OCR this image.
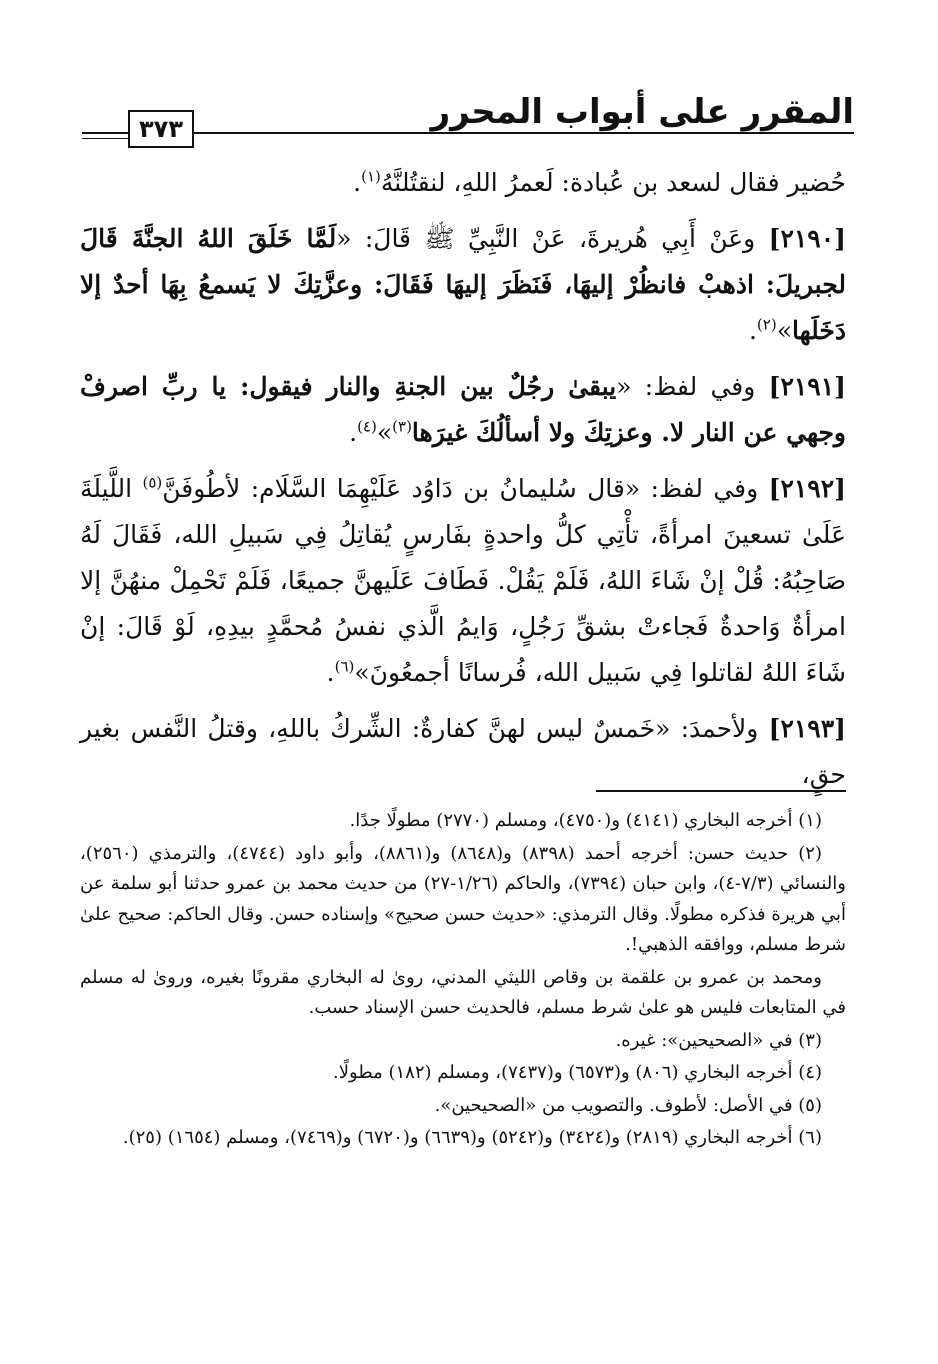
المقرر على أبواب المحرر
٣٧٣

حُضير فقال لسعد بن عُبادة: لَعمرُ اللهِ، لنقتُلنَّهُ$^{(١)}$.

[٢١٩٠] وعَنْ أَبِي هُريرةَ، عَنْ النَّبِيِّ ﷺ قَالَ: «لَمَّا خَلَقَ اللهُ الجنَّةَ قَالَ لجبريلَ: اذهبْ فانظُرْ إليهَا، فَنَظَرَ إليهَا فَقَالَ: وعزَّتِكَ لا يَسمعُ بِهَا أحدٌ إلا دَخَلَها»$^{(٢)}$.

[٢١٩١] وفي لفظ: «يبقىٰ رجُلٌ بين الجنةِ والنار فيقول: يا ربِّ اصرفْ وجهي عن النار لا. وعزتِكَ ولا أسألُكَ غيرَها$^{(٣)}$»$^{(٤)}$.

[٢١٩٢] وفي لفظ: «قال سُليمانُ بن دَاوُد عَلَيْهِمَا السَّلَام: لأطُوفَنَّ$^{(٥)}$ اللَّيلَةَ عَلَىٰ تسعينَ امرأةً، تأْتِي كلُّ واحدةٍ بفَارسٍ يُقاتِلُ فِي سَبيلِ الله، فَقَالَ لَهُ صَاحِبُهُ: قُلْ إنْ شَاءَ اللهُ، فَلَمْ يَقُلْ. فَطَافَ عَلَيهنَّ جميعًا، فَلَمْ تَحْمِلْ منهُنَّ إلا امرأةٌ وَاحدةٌ فَجاءتْ بشقِّ رَجُلٍ، وَايمُ الَّذي نفسُ مُحمَّدٍ بيدِهِ، لَوْ قَالَ: إنْ شَاءَ اللهُ لقاتلوا فِي سَبيل الله، فُرسانًا أجمعُونَ»$^{(٦)}$.

[٢١٩٣] ولأحمدَ: «خَمسٌ ليس لهنَّ كفارةٌ: الشِّركُ باللهِ، وقتلُ النَّفس بغير حقٍ،

(١) أخرجه البخاري (٤١٤١) و(٤٧٥٠)، ومسلم (٢٧٧٠) مطولًا جدًا.

(٢) حديث حسن: أخرجه أحمد (٨٣٩٨) و(٨٦٤٨) و(٨٨٦١)، وأبو داود (٤٧٤٤)، والترمذي (٢٥٦٠)، والنسائي (٧/٣-٤)، وابن حبان (٧٣٩٤)، والحاكم (١/٢٦-٢٧) من حديث محمد بن عمرو حدثنا أبو سلمة عن أبي هريرة فذكره مطولًا. وقال الترمذي: «حديث حسن صحيح» وإسناده حسن. وقال الحاكم: صحيح علىٰ شرط مسلم، ووافقه الذهبي!.

ومحمد بن عمرو بن علقمة بن وقاص الليثي المدني، روىٰ له البخاري مقرونًا بغيره، وروىٰ له مسلم في المتابعات فليس هو علىٰ شرط مسلم، فالحديث حسن الإسناد حسب.

(٣) في «الصحيحين»: غيره.

(٤) أخرجه البخاري (٨٠٦) و(٦٥٧٣) و(٧٤٣٧)، ومسلم (١٨٢) مطولًا.

(٥) في الأصل: لأطوف. والتصويب من «الصحيحين».

(٦) أخرجه البخاري (٢٨١٩) و(٣٤٢٤) و(٥٢٤٢) و(٦٦٣٩) و(٦٧٢٠) و(٧٤٦٩)، ومسلم (١٦٥٤) (٢٥).
